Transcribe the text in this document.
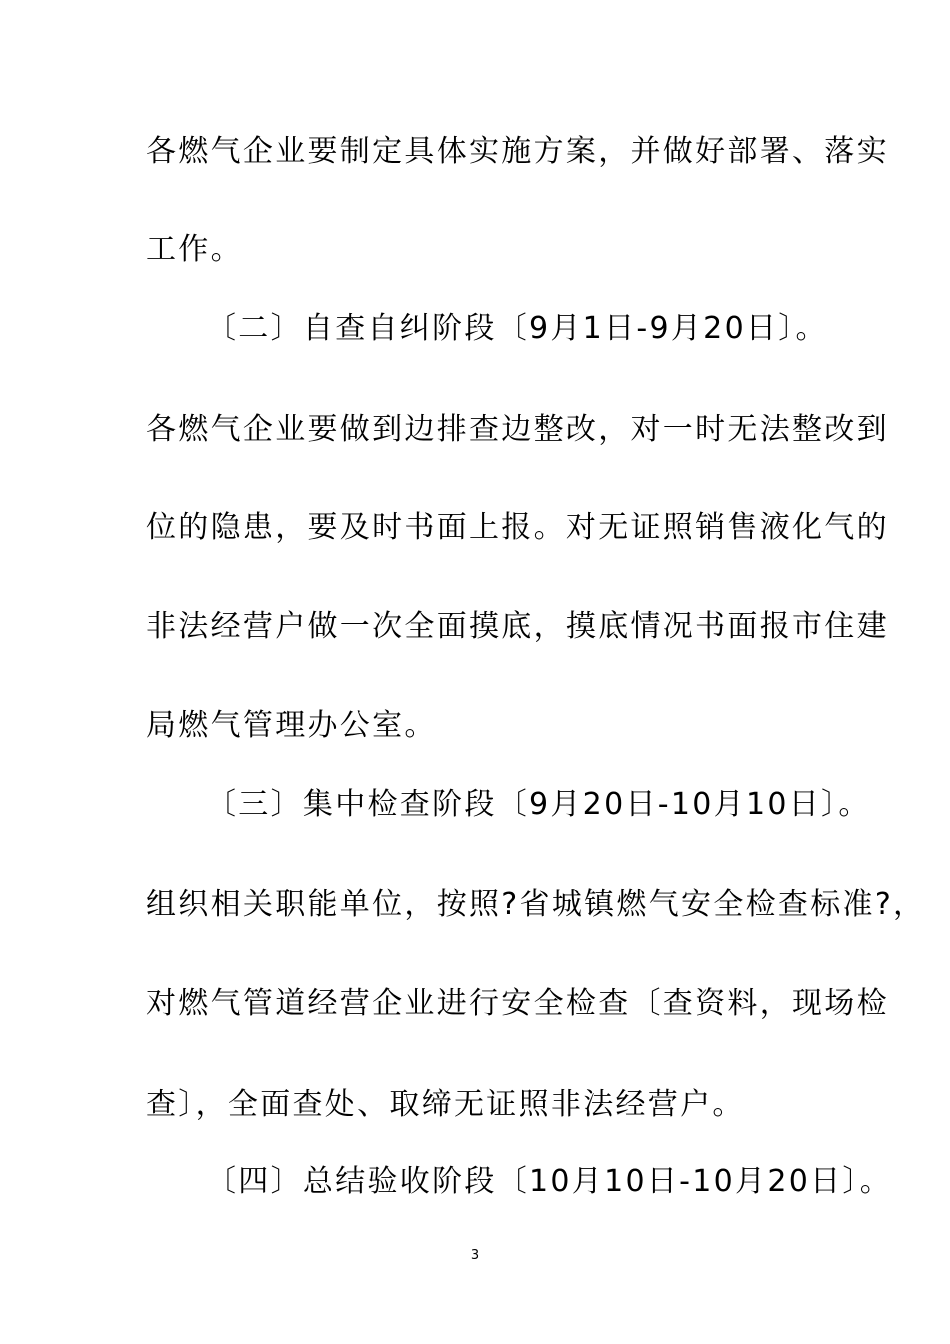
各燃气企业要制定具体实施方案，并做好部署、落实
工作。
〔二〕自查自纠阶段〔9月1日-9月20日〕。
各燃气企业要做到边排查边整改，对一时无法整改到
位的隐患，要及时书面上报。对无证照销售液化气的
非法经营户做一次全面摸底，摸底情况书面报市住建
局燃气管理办公室。
〔三〕集中检查阶段〔9月20日-10月10日〕。
组织相关职能单位，按照?省城镇燃气安全检查标准?，
对燃气管道经营企业进行安全检查〔查资料，现场检
查〕，全面查处、取缔无证照非法经营户。
〔四〕总结验收阶段〔10月10日-10月20日〕。
3
